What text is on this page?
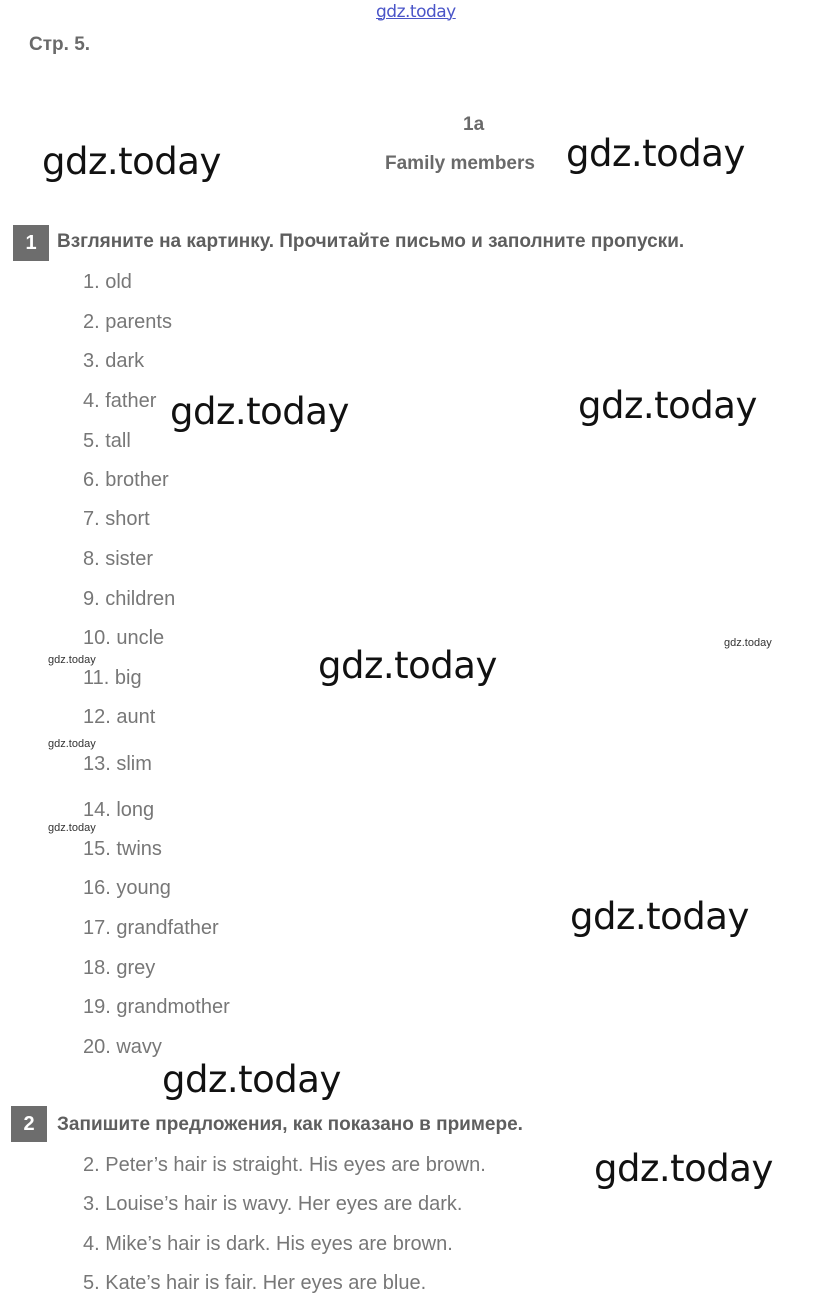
gdz.today
Стр. 5.
1a
Family members
1 Взгляните на картинку. Прочитайте письмо и заполните пропуски.
1. old
2. parents
3. dark
4. father
5. tall
6. brother
7. short
8. sister
9. children
10. uncle
11. big
12. aunt
13. slim
14. long
15. twins
16. young
17. grandfather
18. grey
19. grandmother
20. wavy
2 Запишите предложения, как показано в примере.
2. Peter’s hair is straight. His eyes are brown.
3. Louise’s hair is wavy. Her eyes are dark.
4. Mike’s hair is dark. His eyes are brown.
5. Kate’s hair is fair. Her eyes are blue.
gdz.today	gdz.today
gdz.today	gdz.today
gdz.today
gdz.today
gdz.today
gdz.today
gdz.today
gdz.today
gdz.today
gdz.today
